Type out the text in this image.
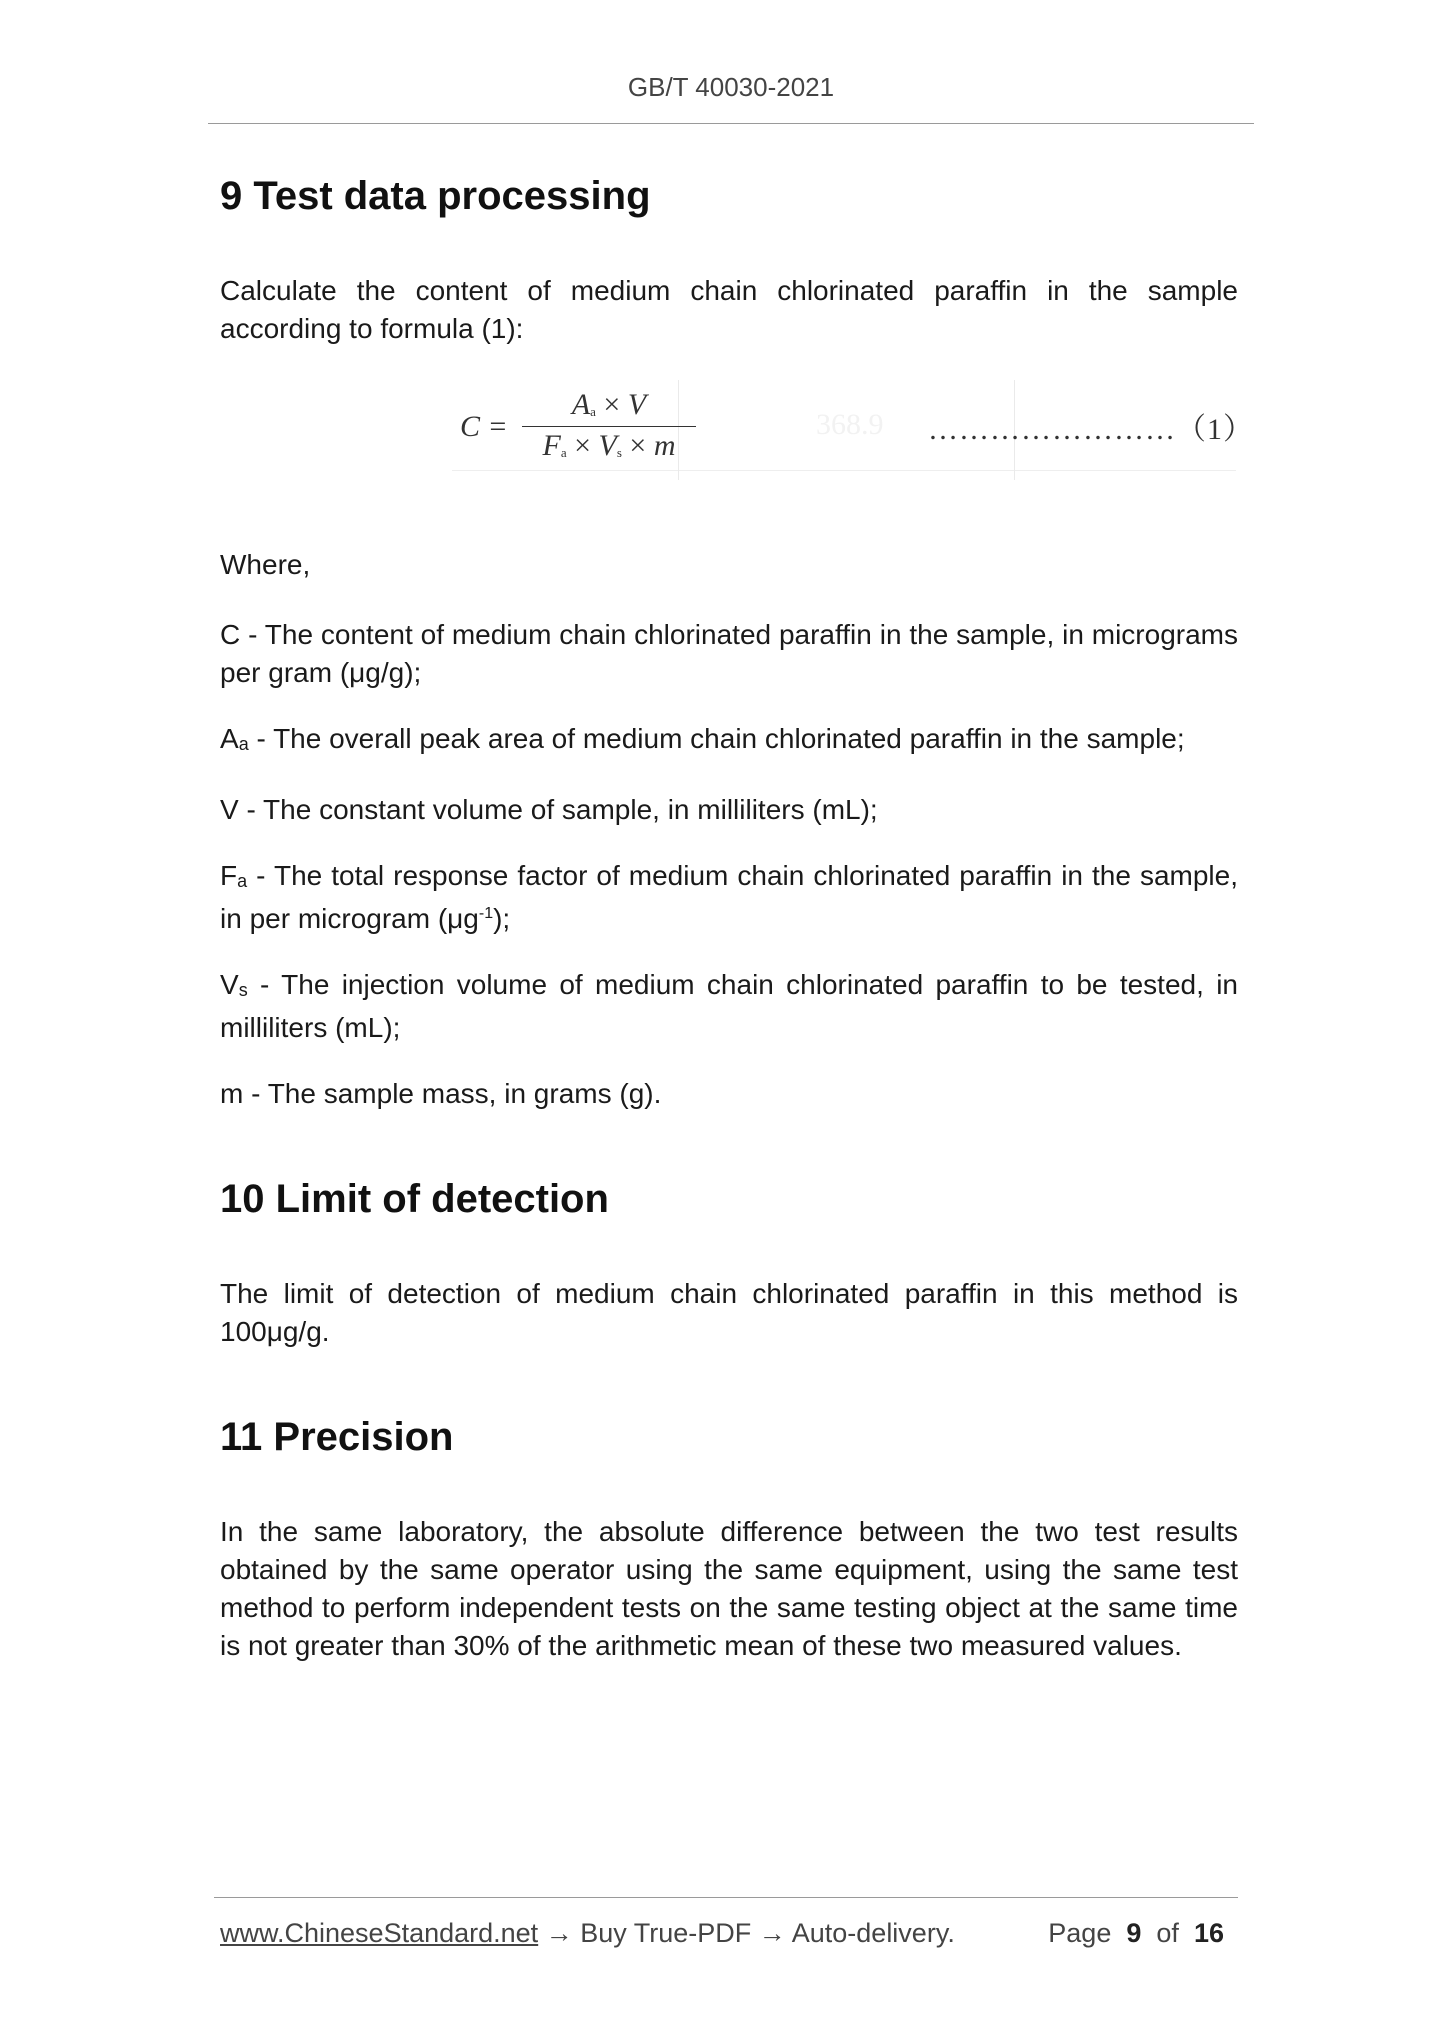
GB/T 40030-2021
9 Test data processing

Calculate the content of medium chain chlorinated paraffin in the sample according to formula (1):

$C = \frac{Aa \times V}{Fa \times Vs \times m}$	368.9 ……………………（1）

Where,

C - The content of medium chain chlorinated paraffin in the sample, in micrograms per gram (μg/g);

$A_a$ - The overall peak area of medium chain chlorinated paraffin in the sample;

V - The constant volume of sample, in milliliters (mL);

$F_a$ - The total response factor of medium chain chlorinated paraffin in the sample, in per microgram $(\mu g^{-1})$;

$V_s$ - The injection volume of medium chain chlorinated paraffin to be tested, in milliliters (mL);

m - The sample mass, in grams (g).

10 Limit of detection

The limit of detection of medium chain chlorinated paraffin in this method is 100μg/g.

11 Precision

In the same laboratory, the absolute difference between the two test results obtained by the same operator using the same equipment, using the same test method to perform independent tests on the same testing object at the same time is not greater than 30% of the arithmetic mean of these two measured values.

www.ChineseStandard.net → Buy True-PDF → Auto-delivery.	Page 9 of 16
